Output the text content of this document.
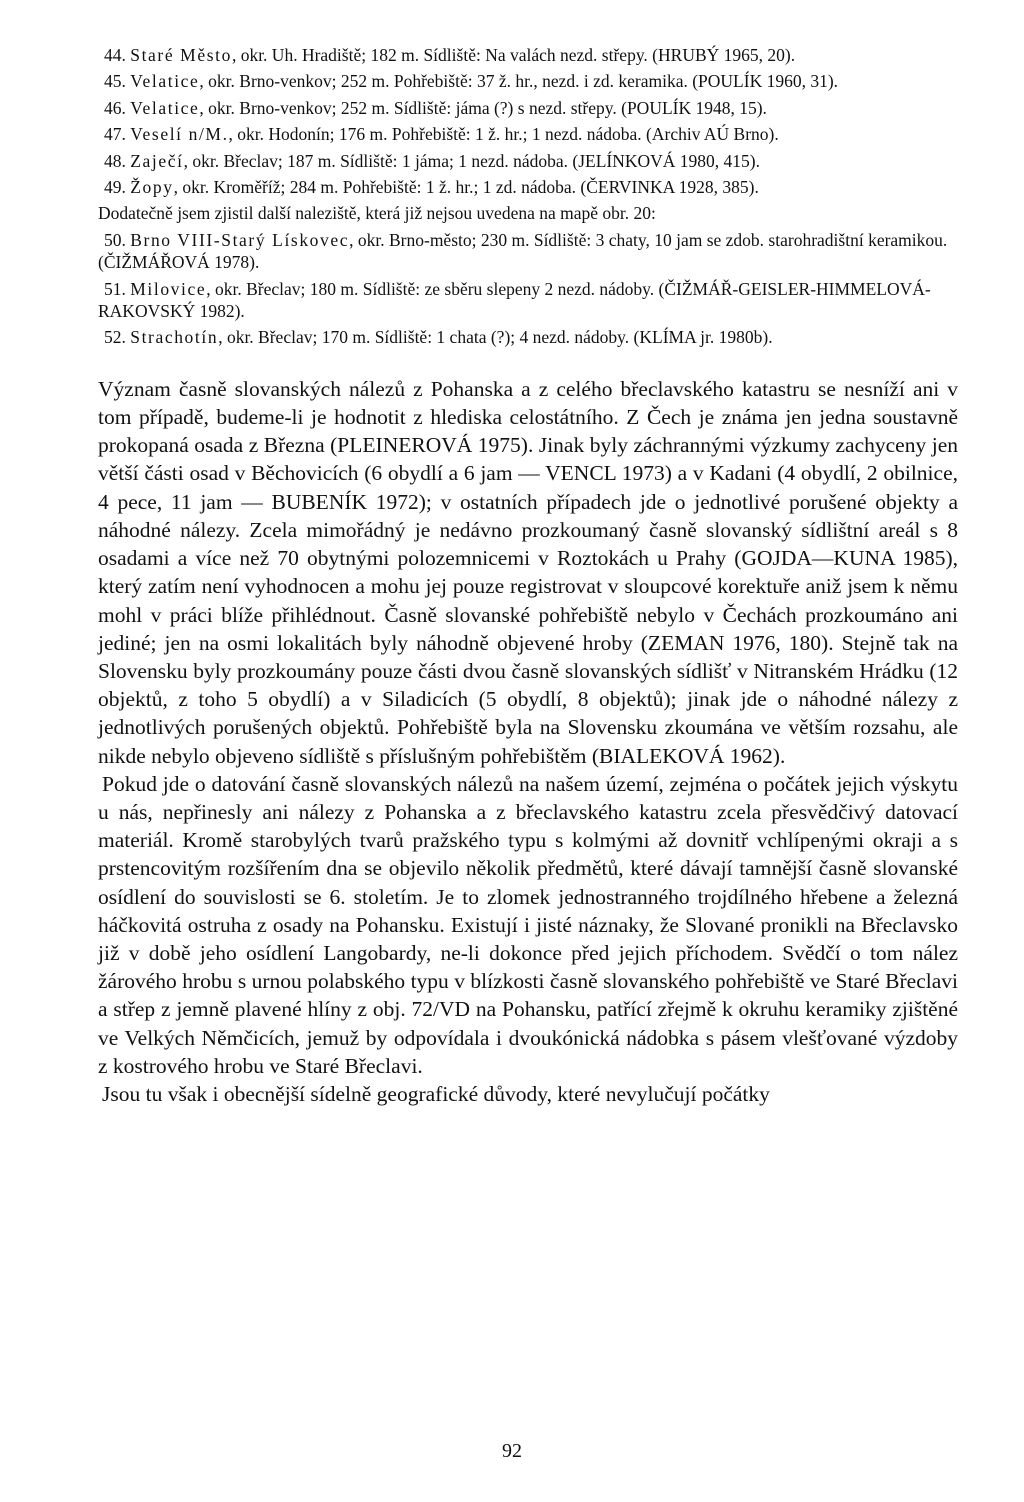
44. Staré Město, okr. Uh. Hradiště; 182 m. Sídliště: Na valách nezd. střepy. (HRUBÝ 1965, 20).

45. Velatice, okr. Brno-venkov; 252 m. Pohřebiště: 37 ž. hr., nezd. i zd. keramika. (POULÍK 1960, 31).

46. Velatice, okr. Brno-venkov; 252 m. Sídliště: jáma (?) s nezd. střepy. (POULÍK 1948, 15).

47. Veselí n/M., okr. Hodonín; 176 m. Pohřebiště: 1 ž. hr.; 1 nezd. nádoba. (Archiv AÚ Brno).

48. Zaječí, okr. Břeclav; 187 m. Sídliště: 1 jáma; 1 nezd. nádoba. (JELÍNKOVÁ 1980, 415).

49. Žopy, okr. Kroměříž; 284 m. Pohřebiště: 1 ž. hr.; 1 zd. nádoba. (ČERVINKA 1928, 385).

Dodatečně jsem zjistil další naleziště, která již nejsou uvedena na mapě obr. 20:

50. Brno VIII-Starý Lískovec, okr. Brno-město; 230 m. Sídliště: 3 chaty, 10 jam se zdob. starohradištní keramikou. (ČIŽMÁŘOVÁ 1978).

51. Milovice, okr. Břeclav; 180 m. Sídliště: ze sběru slepeny 2 nezd. nádoby. (ČIŽMÁŘ-GEISLER-HIMMELOVÁ-RAKOVSKÝ 1982).

52. Strachotín, okr. Břeclav; 170 m. Sídliště: 1 chata (?); 4 nezd. nádoby. (KLÍMA jr. 1980b).

Význam časně slovanských nálezů z Pohanska a z celého břeclavského katastru se nesníží ani v tom případě, budeme-li je hodnotit z hlediska celostátního. Z Čech je známa jen jedna soustavně prokopaná osada z Března (PLEINEROVÁ 1975). Jinak byly záchrannými výzkumy zachyceny jen větší části osad v Běchovicích (6 obydlí a 6 jam — VENCL 1973) a v Kadani (4 obydlí, 2 obilnice, 4 pece, 11 jam — BUBENÍK 1972); v ostatních případech jde o jednotlivé porušené objekty a náhodné nálezy. Zcela mimořádný je nedávno prozkoumaný časně slovanský sídlištní areál s 8 osadami a více než 70 obytnými polozemnicemi v Roztokách u Prahy (GOJDA—KUNA 1985), který zatím není vyhodnocen a mohu jej pouze registrovat v sloupcové korektuře aniž jsem k němu mohl v práci blíže přihlédnout. Časně slovanské pohřebiště nebylo v Čechách prozkoumáno ani jediné; jen na osmi lokalitách byly náhodně objevené hroby (ZEMAN 1976, 180). Stejně tak na Slovensku byly prozkoumány pouze části dvou časně slovanských sídlišť v Nitranském Hrádku (12 objektů, z toho 5 obydlí) a v Siladicích (5 obydlí, 8 objektů); jinak jde o náhodné nálezy z jednotlivých porušených objektů. Pohřebiště byla na Slovensku zkoumána ve větším rozsahu, ale nikde nebylo objeveno sídliště s příslušným pohřebištěm (BIALEKOVÁ 1962).

Pokud jde o datování časně slovanských nálezů na našem území, zejména o počátek jejich výskytu u nás, nepřinesly ani nálezy z Pohanska a z břeclavského katastru zcela přesvědčivý datovací materiál. Kromě starobylých tvarů pražského typu s kolmými až dovnitř vchlípenými okraji a s prstencovitým rozšířením dna se objevilo několik předmětů, které dávají tamnější časně slovanské osídlení do souvislosti se 6. stoletím. Je to zlomek jednostranného trojdílného hřebene a železná háčkovitá ostruha z osady na Pohansku. Existují i jisté náznaky, že Slované pronikli na Břeclavsko již v době jeho osídlení Langobardy, ne-li dokonce před jejich příchodem. Svědčí o tom nález žárového hrobu s urnou polabského typu v blízkosti časně slovanského pohřebiště ve Staré Břeclavi a střep z jemně plavené hlíny z obj. 72/VD na Pohansku, patřící zřejmě k okruhu keramiky zjištěné ve Velkých Němčicích, jemuž by odpovídala i dvoukónická nádobka s pásem vlešťované výzdoby z kostrového hrobu ve Staré Břeclavi.

Jsou tu však i obecnější sídelně geografické důvody, které nevylučují počátky

92
